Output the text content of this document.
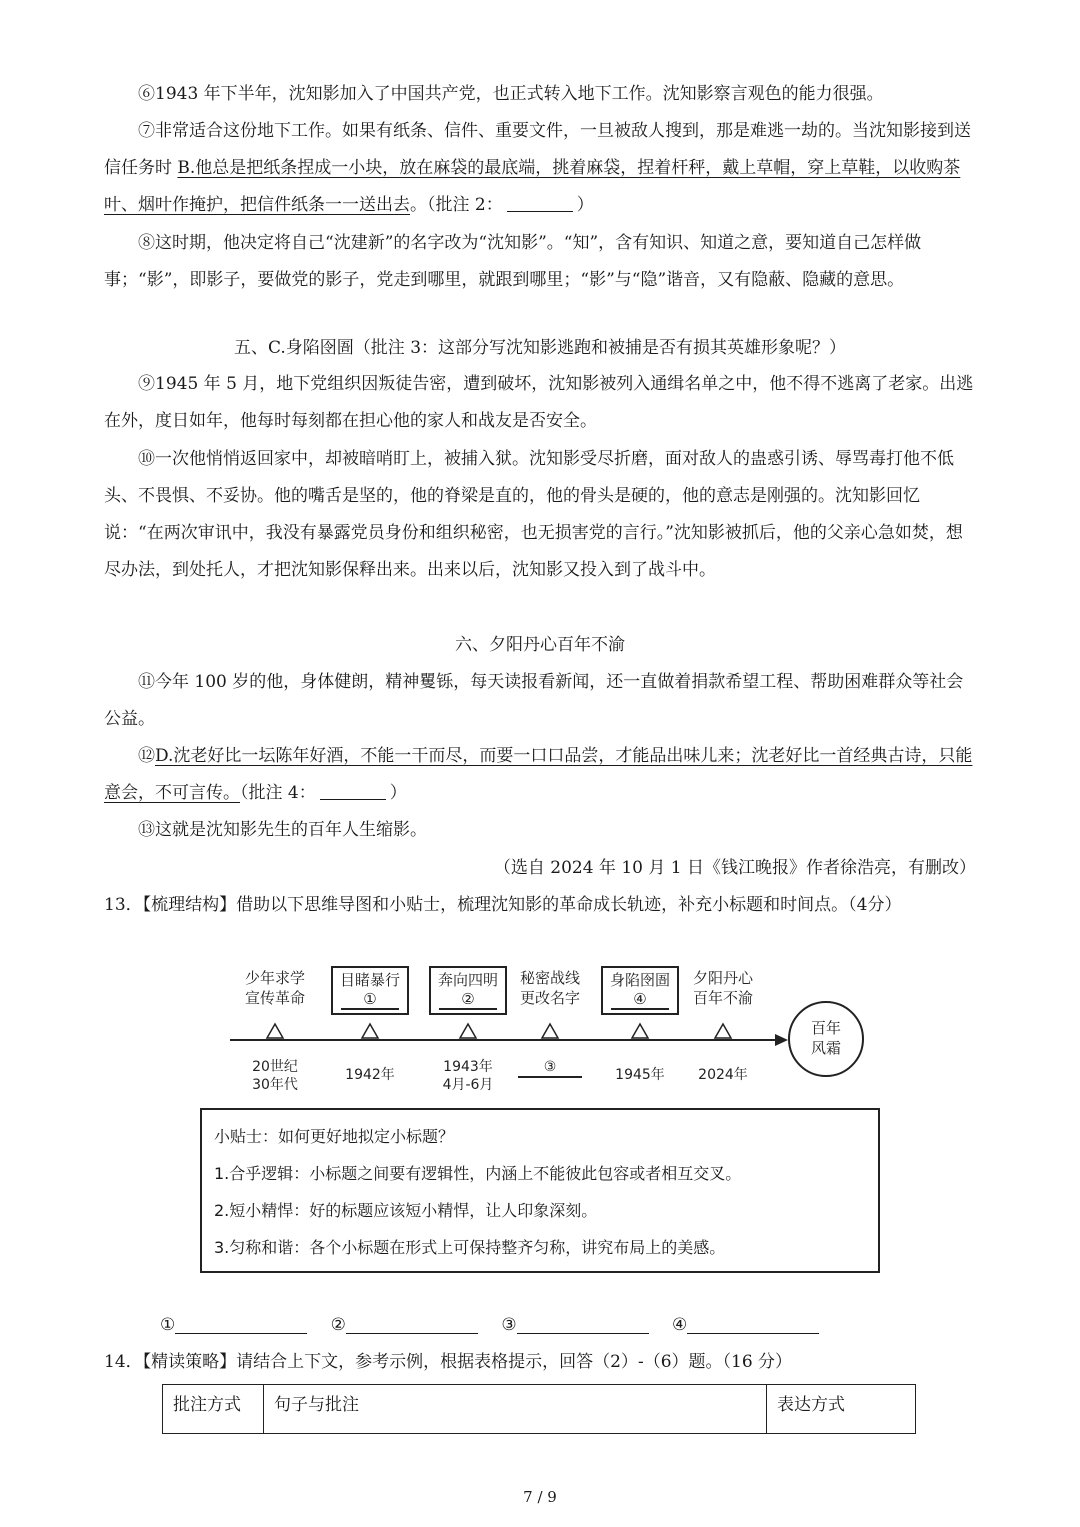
⑥1943 年下半年，沈知影加入了中国共产党，也正式转入地下工作。沈知影察言观色的能力很强。

⑦非常适合这份地下工作。如果有纸条、信件、重要文件，一旦被敌人搜到，那是难逃一劫的。当沈知影接到送信任务时 B.他总是把纸条捏成一小块，放在麻袋的最底端，挑着麻袋，捏着杆秤，戴上草帽，穿上草鞋，以收购茶叶、烟叶作掩护，把信件纸条一一送出去。（批注 2：	）

⑧这时期，他决定将自己“沈建新”的名字改为“沈知影”。“知”，含有知识、知道之意，要知道自己怎样做事；“影”，即影子，要做党的影子，党走到哪里，就跟到哪里；“影”与“隐”谐音，又有隐蔽、隐藏的意思。

五、C.身陷囹圄（批注 3：这部分写沈知影逃跑和被捕是否有损其英雄形象呢？）

⑨1945 年 5 月，地下党组织因叛徒告密，遭到破坏，沈知影被列入通缉名单之中，他不得不逃离了老家。出逃在外，度日如年，他每时每刻都在担心他的家人和战友是否安全。

⑩一次他悄悄返回家中，却被暗哨盯上，被捕入狱。沈知影受尽折磨，面对敌人的蛊惑引诱、辱骂毒打他不低头、不畏惧、不妥协。他的嘴舌是坚的，他的脊梁是直的，他的骨头是硬的，他的意志是刚强的。沈知影回忆说：“在两次审讯中，我没有暴露党员身份和组织秘密，也无损害党的言行。”沈知影被抓后，他的父亲心急如焚，想尽办法，到处托人，才把沈知影保释出来。出来以后，沈知影又投入到了战斗中。

六、夕阳丹心百年不渝

⑪今年 100 岁的他，身体健朗，精神矍铄，每天读报看新闻，还一直做着捐款希望工程、帮助困难群众等社会公益。

⑫D.沈老好比一坛陈年好酒，不能一干而尽，而要一口口品尝，才能品出味儿来；沈老好比一首经典古诗，只能意会，不可言传。（批注 4：	）

⑬这就是沈知影先生的百年人生缩影。

（选自 2024 年 10 月 1 日《钱江晚报》作者徐浩亮，有删改）

13．【梳理结构】借助以下思维导图和小贴士，梳理沈知影的革命成长轨迹，补充小标题和时间点。（4分）

百年
风霜
少年求学
宣传革命
20世纪
30年代
目睹暴行
①
1942年
奔向四明
②
1943年
4月-6月
秘密战线
更改名字
③
身陷囹圄
④
1945年
夕阳丹心
百年不渝
2024年
小贴士：如何更好地拟定小标题？
1.合乎逻辑：小标题之间要有逻辑性，内涵上不能彼此包容或者相互交叉。
2.短小精悍：好的标题应该短小精悍，让人印象深刻。
3.匀称和谐：各个小标题在形式上可保持整齐匀称，讲究布局上的美感。
①	②	③	④

14．【精读策略】请结合上下文，参考示例，根据表格提示，回答（2）-（6）题。（16 分）

批注方式	句子与批注	表达方式
7 / 9
